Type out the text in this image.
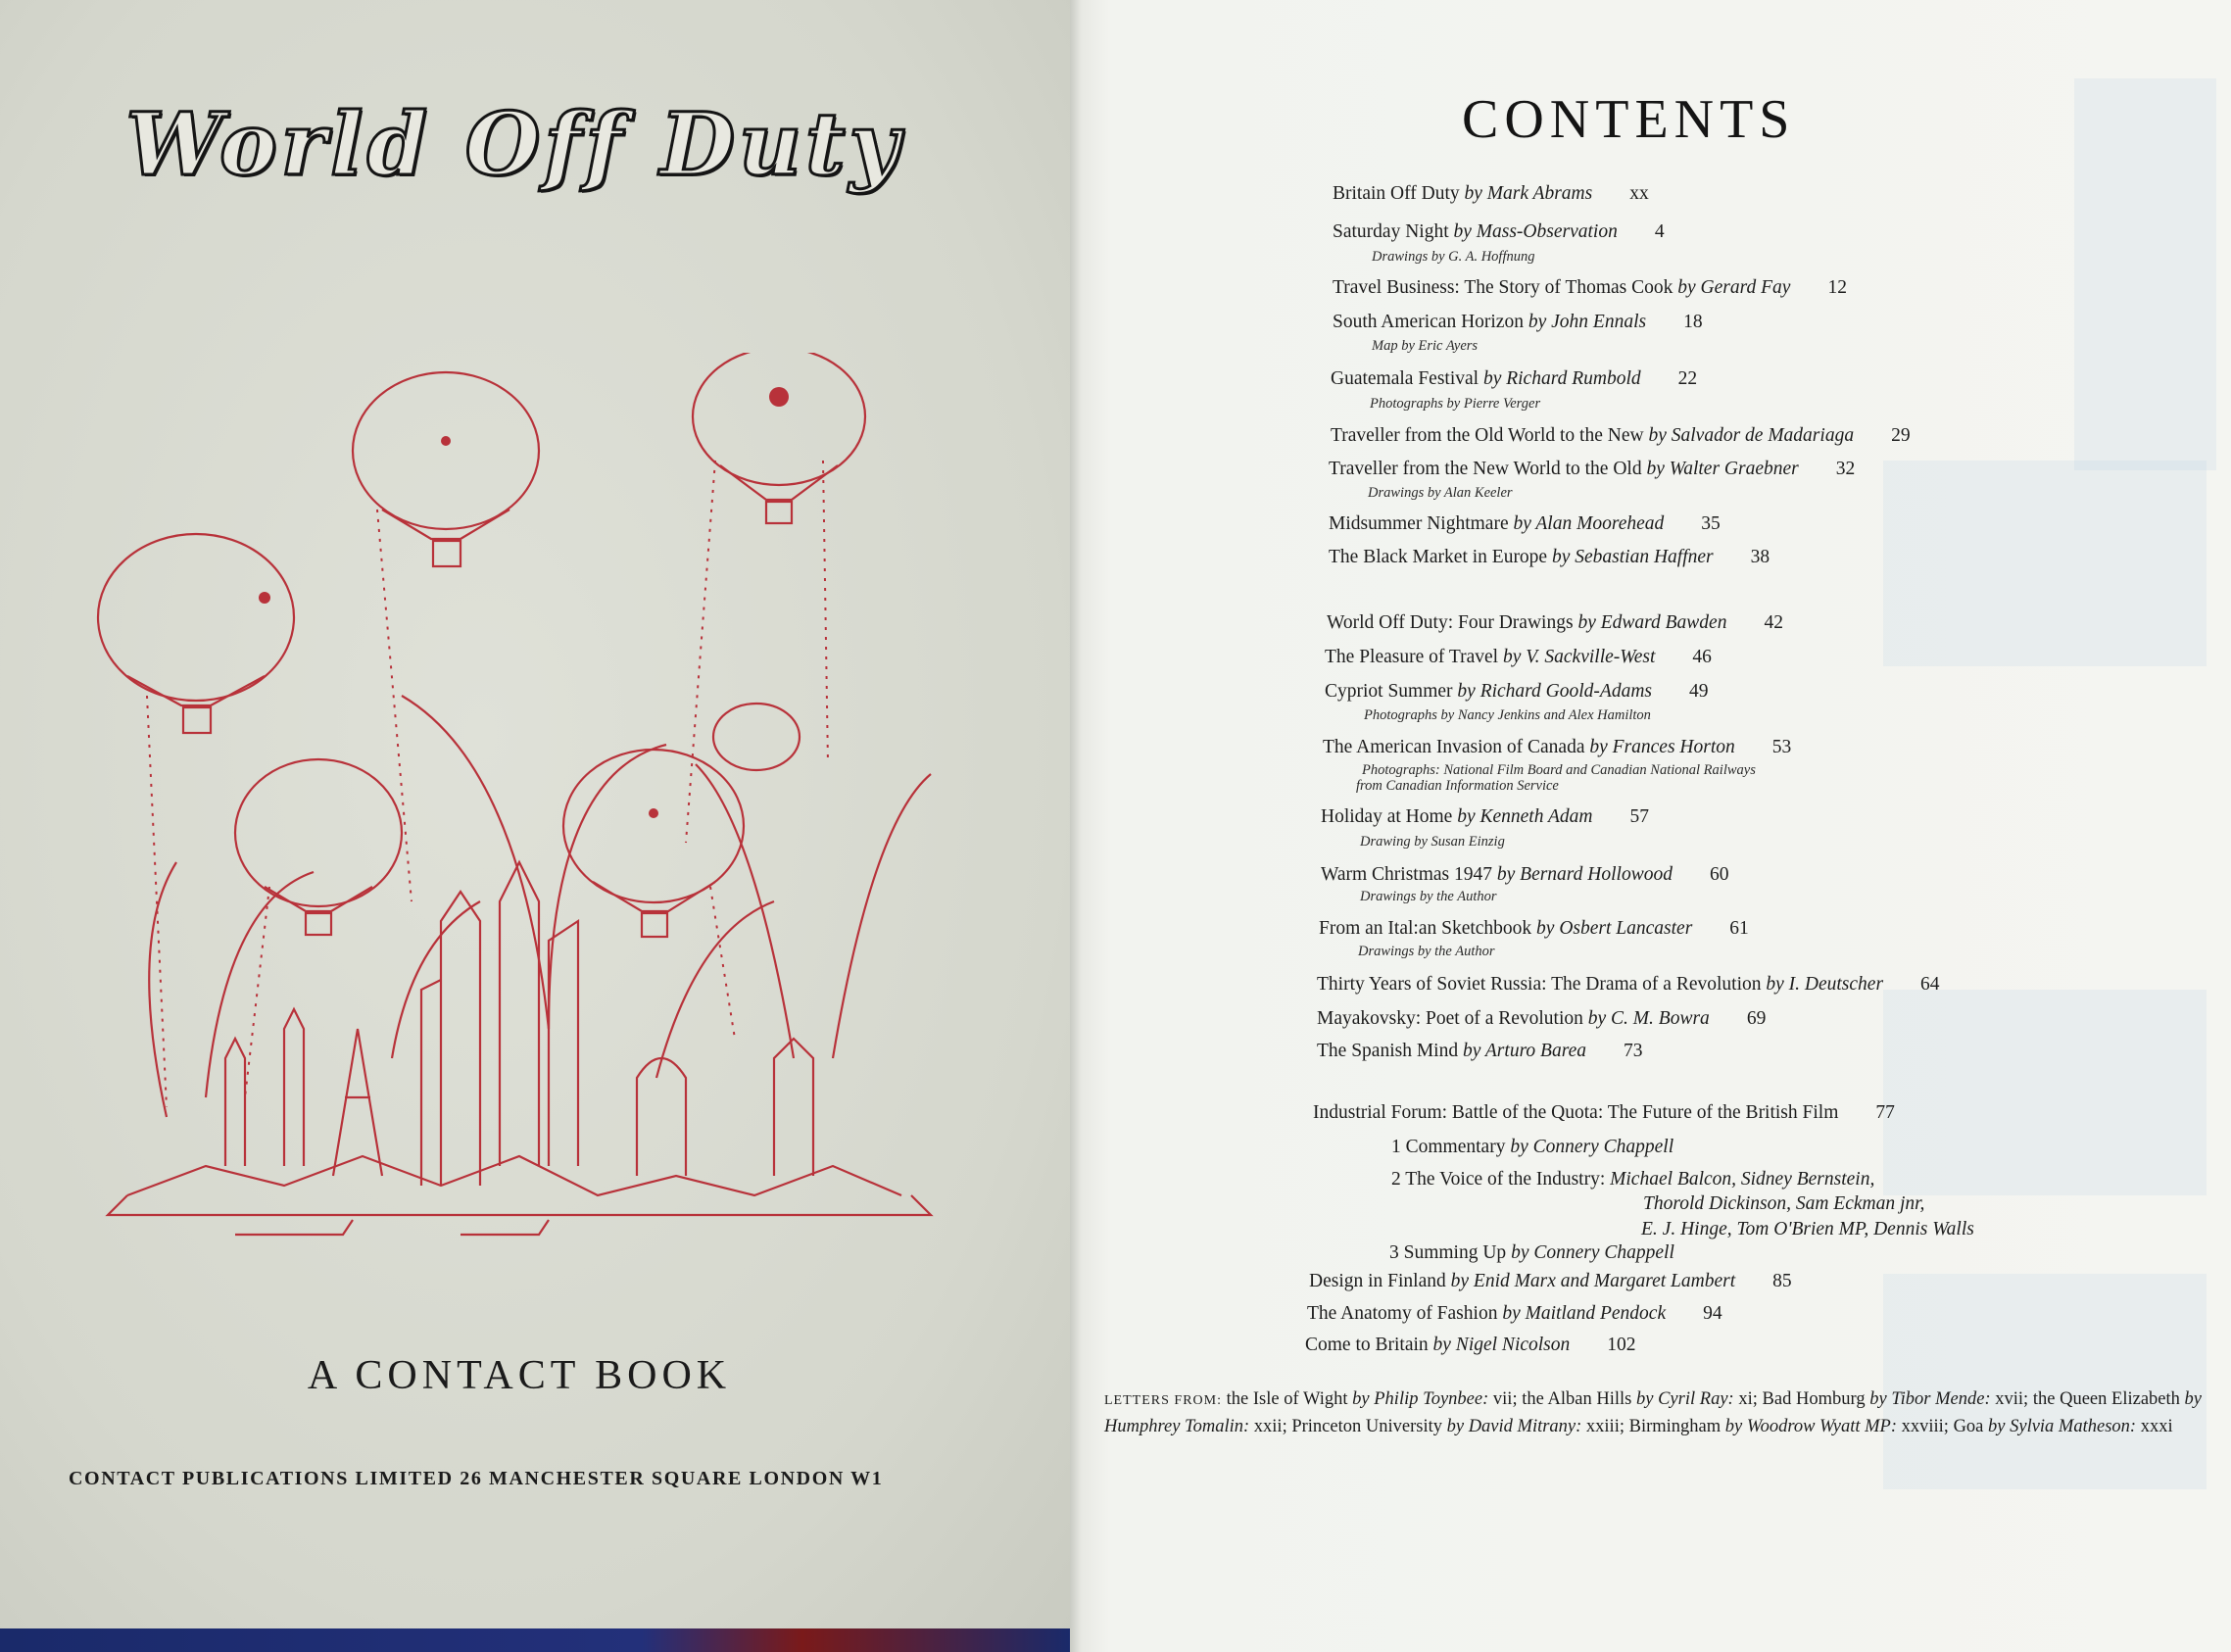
World Off Duty
A CONTACT BOOK
CONTACT PUBLICATIONS LIMITED 26 MANCHESTER SQUARE LONDON W1
CONTENTS
Britain Off Duty by Mark Abrams xx
Saturday Night by Mass-Observation 4
Drawings by G. A. Hoffnung
Travel Business: The Story of Thomas Cook by Gerard Fay 12
South American Horizon by John Ennals 18
Map by Eric Ayers
Guatemala Festival by Richard Rumbold 22
Photographs by Pierre Verger
Traveller from the Old World to the New by Salvador de Madariaga 29
Traveller from the New World to the Old by Walter Graebner 32
Drawings by Alan Keeler
Midsummer Nightmare by Alan Moorehead 35
The Black Market in Europe by Sebastian Haffner 38
World Off Duty: Four Drawings by Edward Bawden 42
The Pleasure of Travel by V. Sackville-West 46
Cypriot Summer by Richard Goold-Adams 49
Photographs by Nancy Jenkins and Alex Hamilton
The American Invasion of Canada by Frances Horton 53
Photographs: National Film Board and Canadian National Railways
from Canadian Information Service
Holiday at Home by Kenneth Adam 57
Drawing by Susan Einzig
Warm Christmas 1947 by Bernard Hollowood 60
Drawings by the Author
From an Ital:an Sketchbook by Osbert Lancaster 61
Drawings by the Author
Thirty Years of Soviet Russia: The Drama of a Revolution by I. Deutscher 64
Mayakovsky: Poet of a Revolution by C. M. Bowra 69
The Spanish Mind by Arturo Barea 73
Industrial Forum: Battle of the Quota: The Future of the British Film 77
1 Commentary by Connery Chappell
2 The Voice of the Industry: Michael Balcon, Sidney Bernstein,
Thorold Dickinson, Sam Eckman jnr,
E. J. Hinge, Tom O'Brien MP, Dennis Walls
3 Summing Up by Connery Chappell
Design in Finland by Enid Marx and Margaret Lambert 85
The Anatomy of Fashion by Maitland Pendock 94
Come to Britain by Nigel Nicolson 102
LETTERS FROM: the Isle of Wight by Philip Toynbee: vii; the Alban Hills by Cyril Ray: xi; Bad Homburg by Tibor Mende: xvii; the Queen Elizabeth by Humphrey Tomalin: xxii; Princeton University by David Mitrany: xxiii; Birmingham by Woodrow Wyatt MP: xxviii; Goa by Sylvia Matheson: xxxi
